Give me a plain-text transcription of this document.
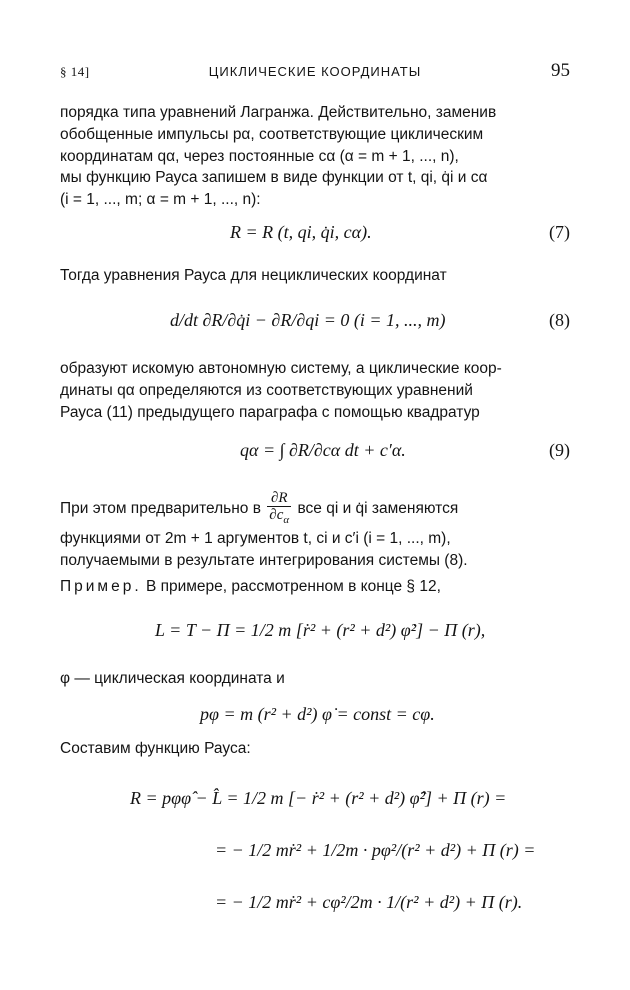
§ 14]	ЦИКЛИЧЕСКИЕ КООРДИНАТЫ	95
порядка типа уравнений Лагранжа. Действительно, заменив
обобщенные импульсы pα, соответствующие циклическим
координатам qα, через постоянные cα (α = m + 1, ..., n),
мы функцию Рауса запишем в виде функции от t, qi, q̇i и cα
(i = 1, ..., m; α = m + 1, ..., n):
R = R (t, qi, q̇i, cα).	(7)
Тогда уравнения Рауса для нециклических координат
d/dt ∂R/∂q̇i − ∂R/∂qi = 0 (i = 1, ..., m)	(8)
образуют искомую автономную систему, а циклические коор-
динаты qα определяются из соответствующих уравнений
Рауса (11) предыдущего параграфа с помощью квадратур
qα = ∫ ∂R/∂cα dt + c′α.	(9)
При этом предварительно в $\frac{\partial R}{\partial c_\alpha}$ все qi и q̇i заменяются
функциями от 2m + 1 аргументов t, ci и c′i (i = 1, ..., m),
получаемыми в результате интегрирования системы (8).
Пример. В примере, рассмотренном в конце § 12,
L = T − Π = 1/2 m [ṙ² + (r² + d²) φ̇²] − Π (r),
φ — циклическая координата и
pφ = m (r² + d²) φ̇ = const = cφ.
Составим функцию Рауса:
R = pφφ̂ − L̂ = 1/2 m [− ṙ² + (r² + d²) φ̂²] + Π (r) =
= − 1/2 mṙ² + 1/2m · pφ²/(r² + d²) + Π (r) =
= − 1/2 mṙ² + cφ²/2m · 1/(r² + d²) + Π (r).
